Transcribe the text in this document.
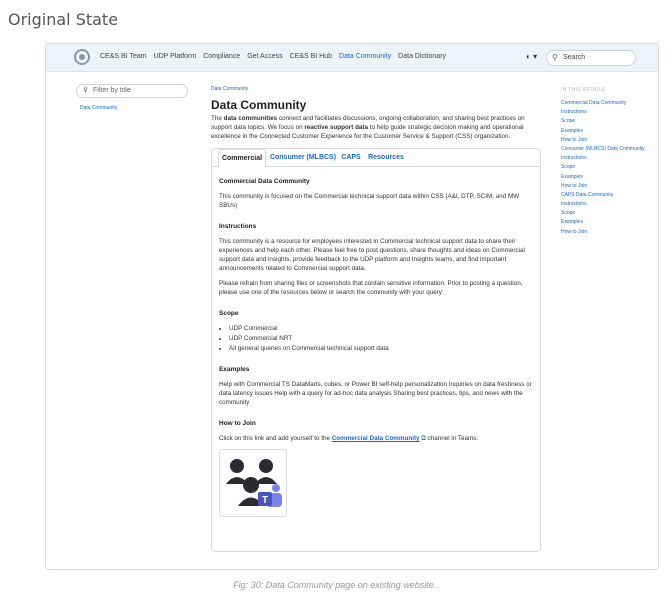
Original State
CE&S BI Team UDP Platform Compliance Get Access CE&S BI Hub Data Community Data Dictionary	◐ ▾ ⚲ Search
⊽ Filter by title
Data Community
Data Community
Data Community
The data communities connect and facilitates discussions, ongoing collaboration, and sharing best practices on support data topics. We focus on reactive support data to help guide strategic decision making and operational excellence in the Connected Customer Experience for the Customer Service & Support (CSS) organization.
Commercial	Consumer (MLBCS) CAPS	Resources
Commercial Data Community

This community is focused on the Commercial technical support data within CSS (A&I, DTP, SCIM, and MW SBUs)

Instructions

This community is a resource for employees interested in Commercial technical support data to share their experiences and help each other. Please feel free to post questions, share thoughts and ideas on Commercial support data and insights, provide feedback to the UDP platform and Insights teams, and find important announcements related to Commercial support data.

Please refrain from sharing files or screenshots that contain sensitive information. Prior to posting a question, please use one of the resources below or search the community with your query:

Scope
• UDP Commercial
• UDP Commercial NRT
• All general queries on Commercial technical support data
Examples

Help with Commercial TS DataMarts, cubes, or Power BI self-help personalization Inquiries on data freshness or data latency issues Help with a query for ad-hoc data analysis Sharing best practices, tips, and news with the community

How to Join

Click on this link and add yourself to the Commercial Data Community ⧉ channel in Teams:

T
IN THIS ARTICLE
Commercial Data Community
Instructions
Scope
Examples
How to Join
Consumer (MLBCS) Data Community
Instructions
Scope
Examples
How to Join
CAPS Data Community
Instructions
Scope
Examples
How to Join
Fig: 30: Data Community page on existing website..
